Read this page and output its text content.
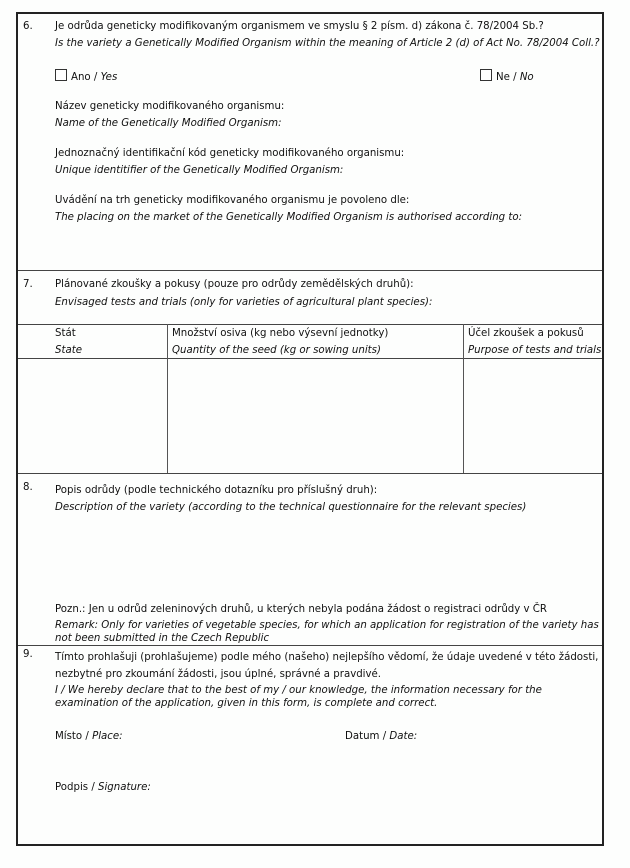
6. Je odrůda geneticky modifikovaným organismem ve smyslu § 2 písm. d) zákona č. 78/2004 Sb.?
Is the variety a Genetically Modified Organism within the meaning of Article 2 (d) of Act No. 78/2004 Coll.?
Ano / Yes	Ne / No
Název geneticky modifikovaného organismu:
Name of the Genetically Modified Organism:
Jednoznačný identifikační kód geneticky modifikovaného organismu:
Unique identitifier of the Genetically Modified Organism:
Uvádění na trh geneticky modifikovaného organismu je povoleno dle:
The placing on the market of the Genetically Modified Organism is authorised according to:
7. Plánované zkoušky a pokusy (pouze pro odrůdy zemědělských druhů):
Envisaged tests and trials (only for varieties of agricultural plant species):
Stát
State
Množství osiva (kg nebo výsevní jednotky)
Quantity of the seed (kg or sowing units)
Účel zkoušek a pokusů
Purpose of tests and trials
8. Popis odrůdy (podle technického dotazníku pro příslušný druh):
Description of the variety (according to the technical questionnaire for the relevant species)
Pozn.: Jen u odrůd zeleninových druhů, u kterých nebyla podána žádost o registraci odrůdy v ČR
Remark: Only for varieties of vegetable species, for which an application for registration of the variety has not been submitted in the Czech Republic
9. Tímto prohlašuji (prohlašujeme) podle mého (našeho) nejlepšího vědomí, že údaje uvedené v této žádosti, nezbytné pro zkoumání žádosti, jsou úplné, správné a pravdivé.
I / We hereby declare that to the best of my / our knowledge, the information necessary for the examination of the application, given in this form, is complete and correct.
Místo / Place:	Datum / Date:
Podpis / Signature:
